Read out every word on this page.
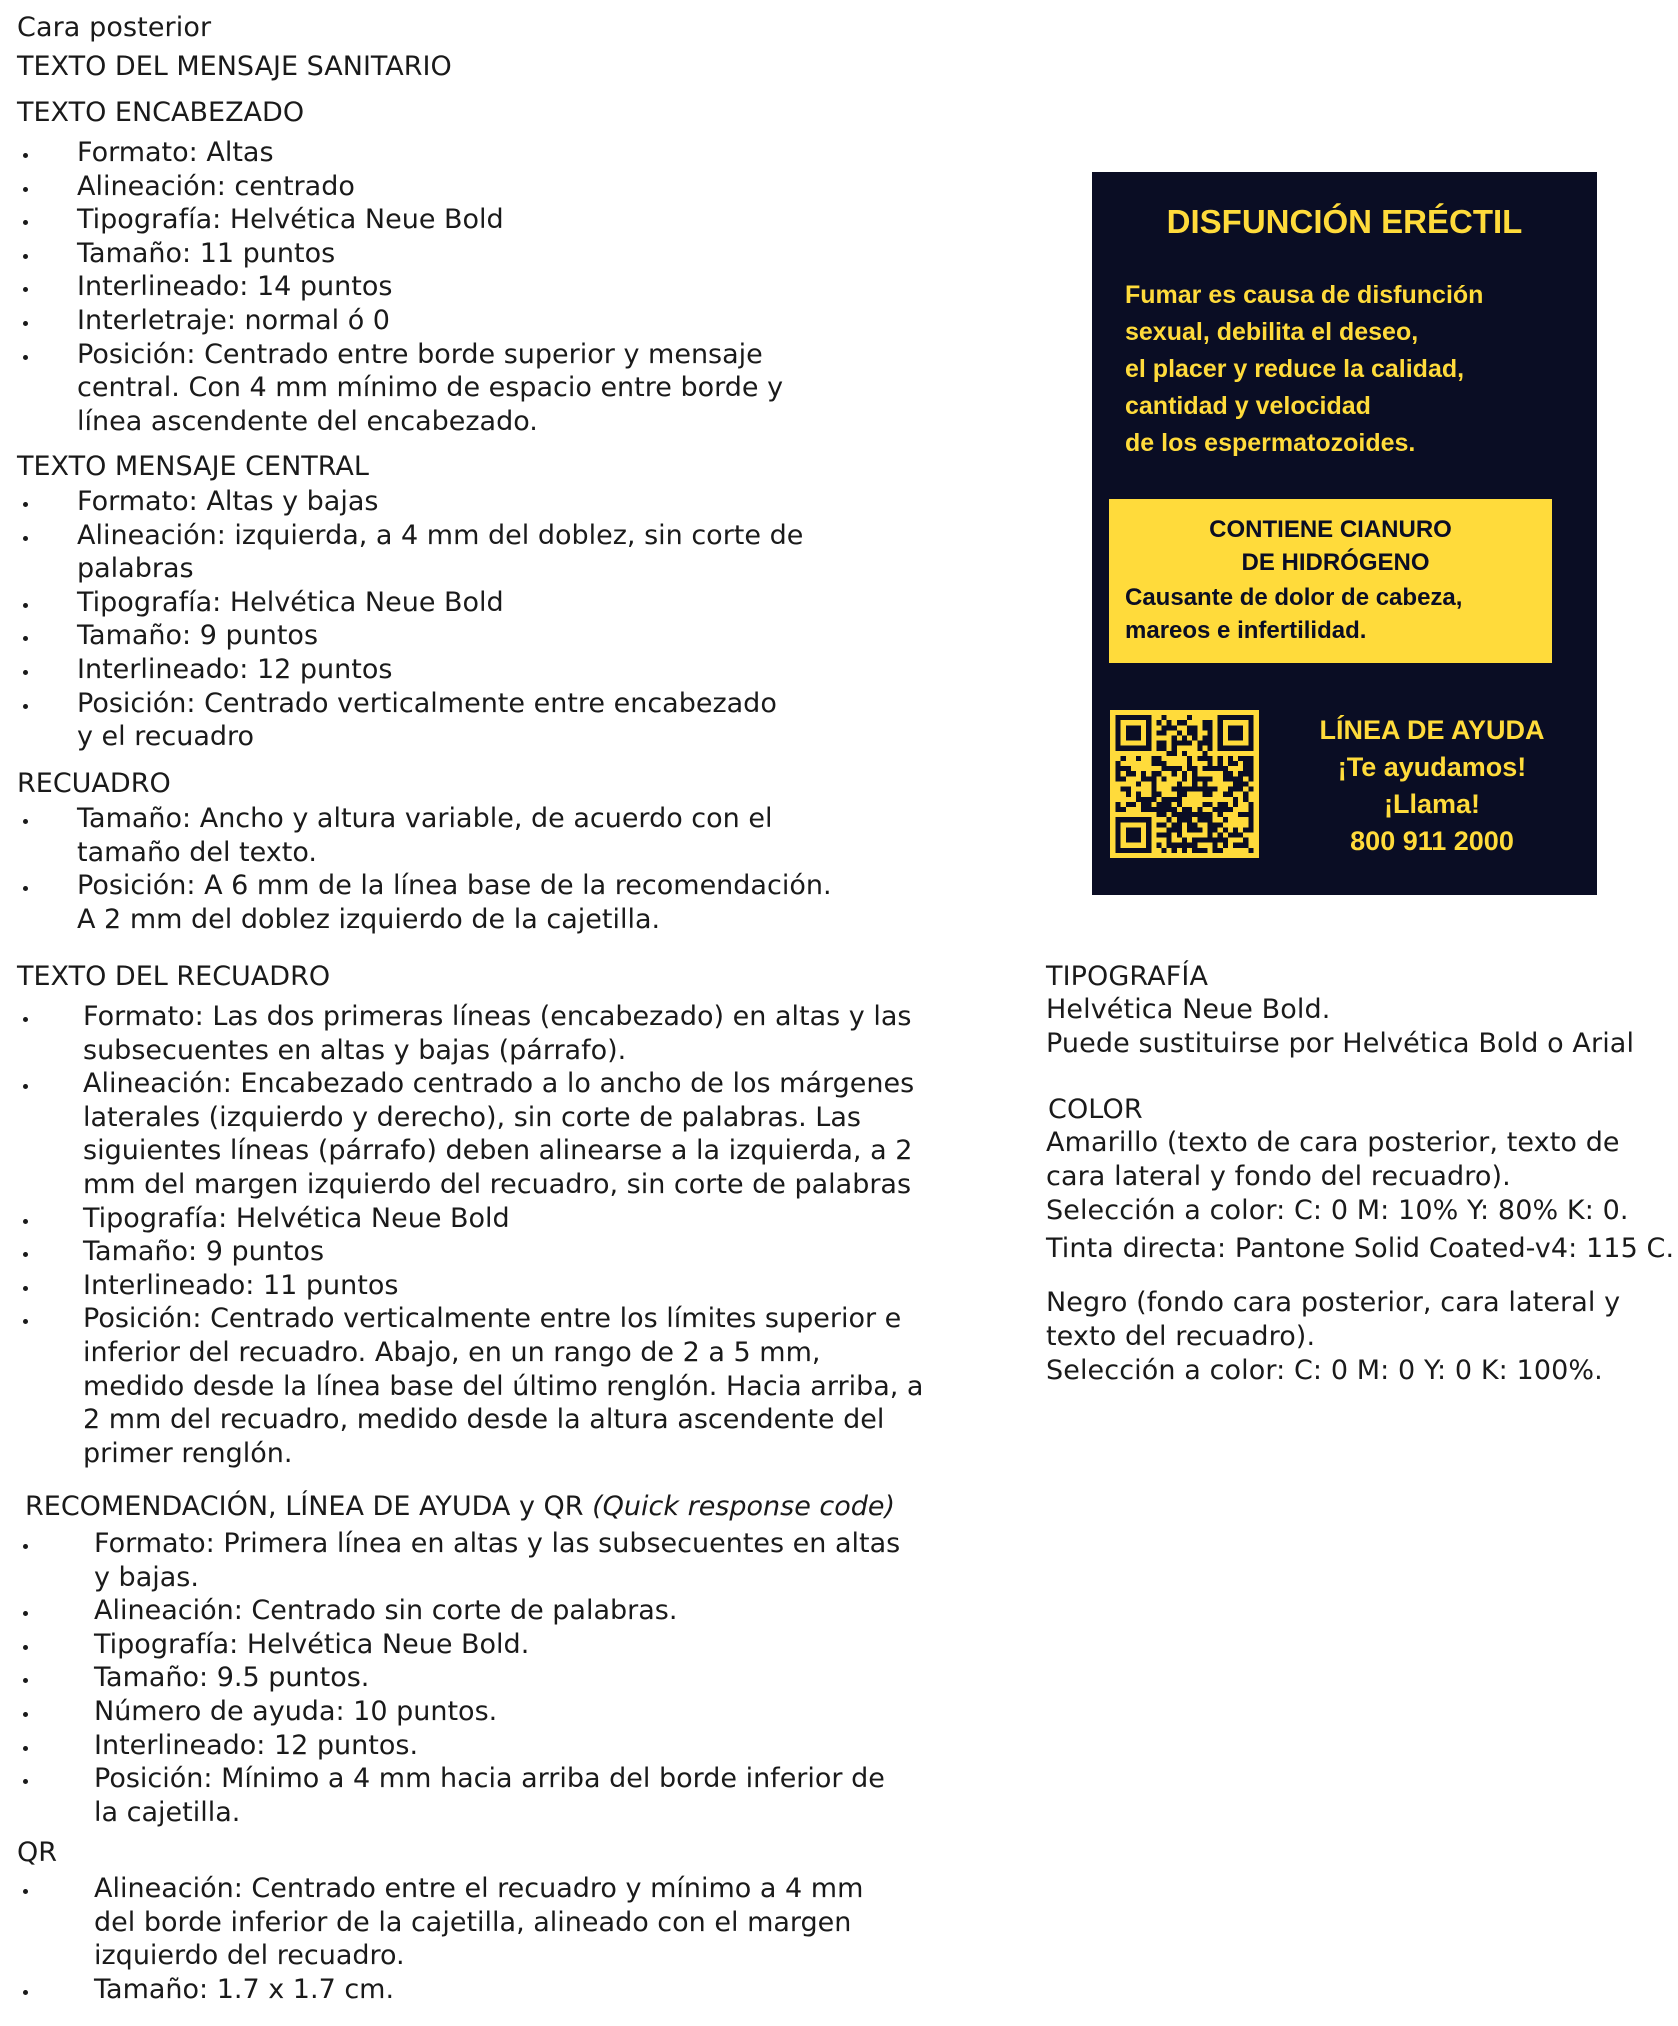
Cara posterior
TEXTO DEL MENSAJE SANITARIO
TEXTO ENCABEZADO
Formato: Altas
Alineación: centrado
Tipografía: Helvética Neue Bold
Tamaño: 11 puntos
Interlineado: 14 puntos
Interletraje: normal ó 0
Posición: Centrado entre borde superior y mensaje
central. Con 4 mm mínimo de espacio entre borde y
línea ascendente del encabezado.
TEXTO MENSAJE CENTRAL
Formato: Altas y bajas
Alineación: izquierda, a 4 mm del doblez, sin corte de
palabras
Tipografía: Helvética Neue Bold
Tamaño: 9 puntos
Interlineado: 12 puntos
Posición: Centrado verticalmente entre encabezado
y el recuadro
RECUADRO
Tamaño: Ancho y altura variable, de acuerdo con el
tamaño del texto.
Posición: A 6 mm de la línea base de la recomendación.
A 2 mm del doblez izquierdo de la cajetilla.
TEXTO DEL RECUADRO
Formato: Las dos primeras líneas (encabezado) en altas y las
subsecuentes en altas y bajas (párrafo).
Alineación: Encabezado centrado a lo ancho de los márgenes
laterales (izquierdo y derecho), sin corte de palabras. Las
siguientes líneas (párrafo) deben alinearse a la izquierda, a 2
mm del margen izquierdo del recuadro, sin corte de palabras
Tipografía: Helvética Neue Bold
Tamaño: 9 puntos
Interlineado: 11 puntos
Posición: Centrado verticalmente entre los límites superior e
inferior del recuadro. Abajo, en un rango de 2 a 5 mm,
medido desde la línea base del último renglón. Hacia arriba, a
2 mm del recuadro, medido desde la altura ascendente del
primer renglón.
RECOMENDACIÓN, LÍNEA DE AYUDA y QR (Quick response code)
Formato: Primera línea en altas y las subsecuentes en altas
y bajas.
Alineación: Centrado sin corte de palabras.
Tipografía: Helvética Neue Bold.
Tamaño: 9.5 puntos.
Número de ayuda: 10 puntos.
Interlineado: 12 puntos.
Posición: Mínimo a 4 mm hacia arriba del borde inferior de
la cajetilla.
QR
Alineación: Centrado entre el recuadro y mínimo a 4 mm
del borde inferior de la cajetilla, alineado con el margen
izquierdo del recuadro.
Tamaño: 1.7 x 1.7 cm.
TIPOGRAFÍA
Helvética Neue Bold.
Puede sustituirse por Helvética Bold o Arial
COLOR
Amarillo (texto de cara posterior, texto de
cara lateral y fondo del recuadro).
Selección a color: C: 0 M: 10% Y: 80% K: 0.
Tinta directa: Pantone Solid Coated-v4: 115 C.
Negro (fondo cara posterior, cara lateral y
texto del recuadro).
Selección a color: C: 0 M: 0 Y: 0 K: 100%.
DISFUNCIÓN ERÉCTIL
Fumar es causa de disfunción
sexual, debilita el deseo,
el placer y reduce la calidad,
cantidad y velocidad
de los espermatozoides.
CONTIENE CIANURO
DE HIDRÓGENO
Causante de dolor de cabeza,
mareos e infertilidad.
LÍNEA DE AYUDA
¡Te ayudamos!
¡Llama!
800 911 2000
